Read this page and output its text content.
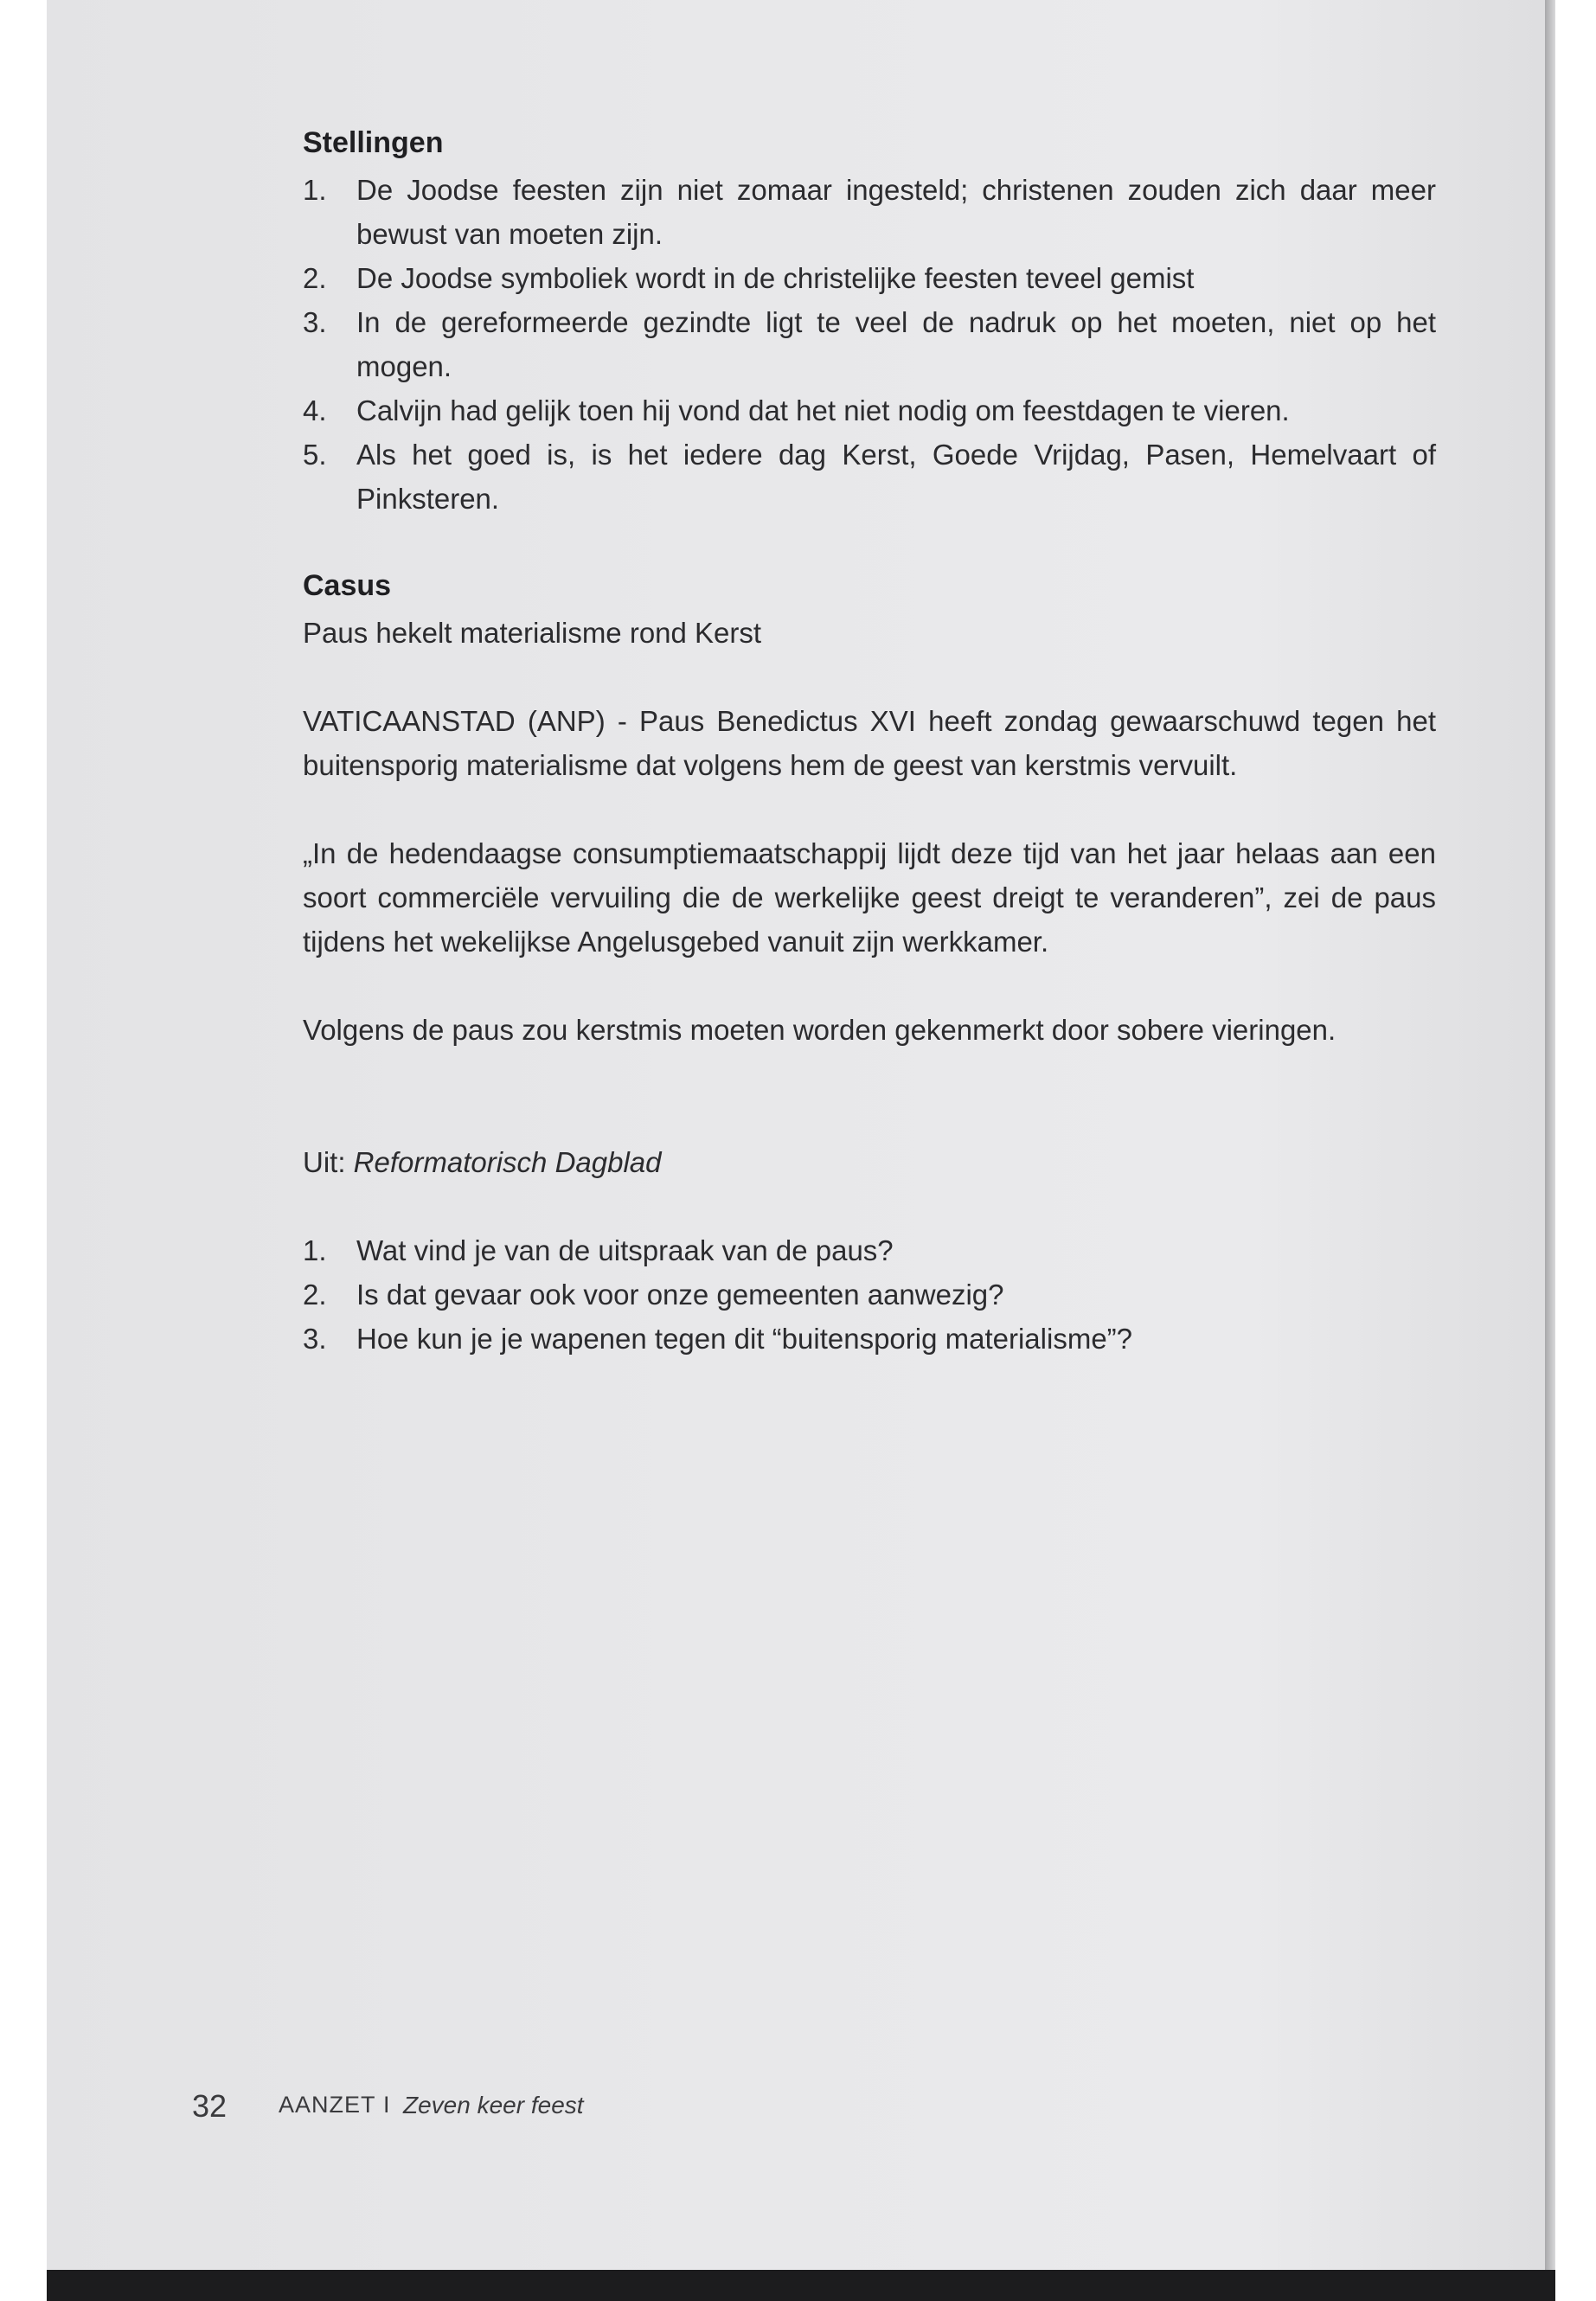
Stellingen
1. De Joodse feesten zijn niet zomaar ingesteld; christenen zouden zich daar meer bewust van moeten zijn.
2. De Joodse symboliek wordt in de christelijke feesten teveel gemist
3. In de gereformeerde gezindte ligt te veel de nadruk op het moeten, niet op het mogen.
4. Calvijn had gelijk toen hij vond dat het niet nodig om feestdagen te vieren.
5. Als het goed is, is het iedere dag Kerst, Goede Vrijdag, Pasen, Hemelvaart of Pinksteren.
Casus
Paus hekelt materialisme rond Kerst
VATICAANSTAD (ANP) - Paus Benedictus XVI heeft zondag gewaarschuwd tegen het buitensporig materialisme dat volgens hem de geest van kerstmis vervuilt.
„In de hedendaagse consumptiemaatschappij lijdt deze tijd van het jaar helaas aan een soort commerciële vervuiling die de werkelijke geest dreigt te veranderen”, zei de paus tijdens het wekelijkse Angelusgebed vanuit zijn werkkamer.
Volgens de paus zou kerstmis moeten worden gekenmerkt door sobere vieringen.
Uit: Reformatorisch Dagblad
1. Wat vind je van de uitspraak van de paus?
2. Is dat gevaar ook voor onze gemeenten aanwezig?
3. Hoe kun je je wapenen tegen dit “buitensporig materialisme”?
32 AANZET I Zeven keer feest
